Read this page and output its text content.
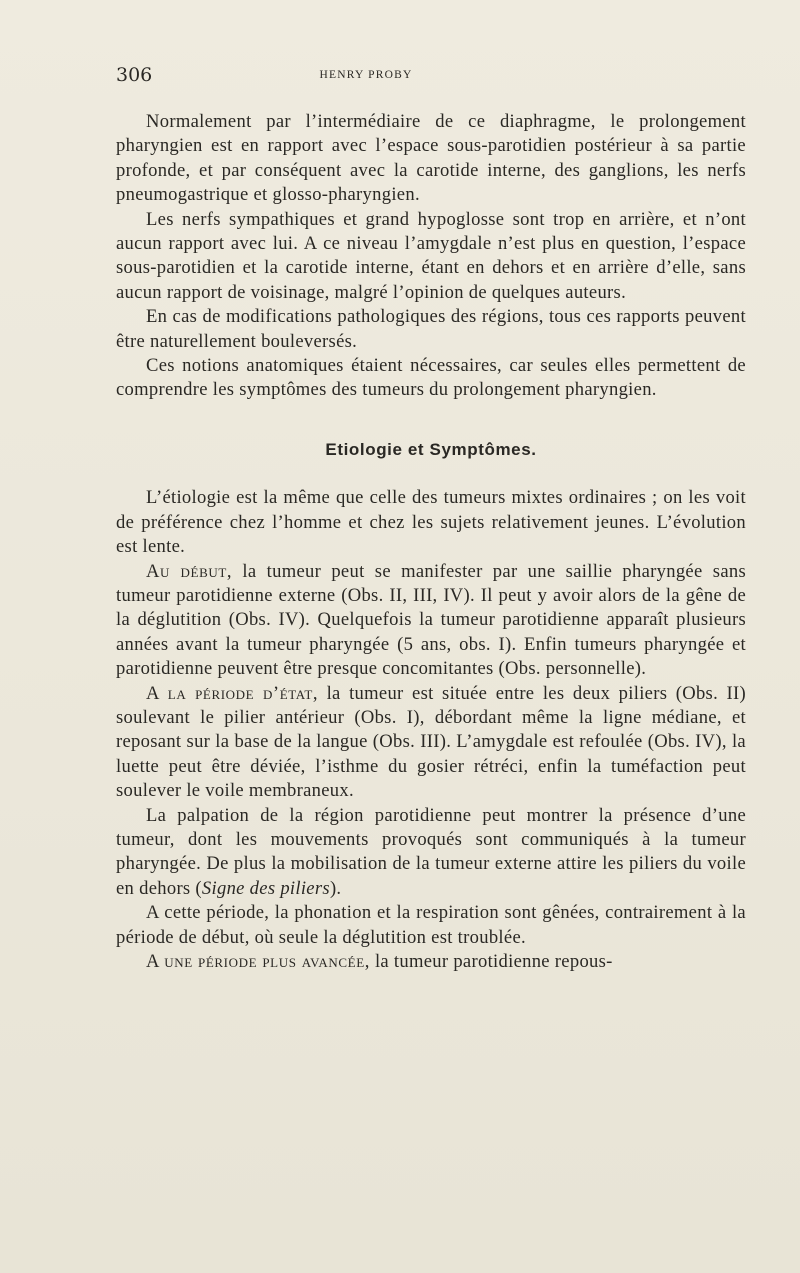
306	HENRY PROBY

Normalement par l’intermédiaire de ce diaphragme, le prolongement pharyngien est en rapport avec l’espace sous-parotidien postérieur à sa partie profonde, et par conséquent avec la carotide interne, des ganglions, les nerfs pneumogastrique et glosso-pharyngien.

Les nerfs sympathiques et grand hypoglosse sont trop en arrière, et n’ont aucun rapport avec lui. A ce niveau l’amygdale n’est plus en question, l’espace sous-parotidien et la carotide interne, étant en dehors et en arrière d’elle, sans aucun rapport de voisinage, malgré l’opinion de quelques auteurs.

En cas de modifications pathologiques des régions, tous ces rapports peuvent être naturellement bouleversés.

Ces notions anatomiques étaient nécessaires, car seules elles permettent de comprendre les symptômes des tumeurs du prolongement pharyngien.

Etiologie et Symptômes.

L’étiologie est la même que celle des tumeurs mixtes ordinaires ; on les voit de préférence chez l’homme et chez les sujets relativement jeunes. L’évolution est lente.

Au début, la tumeur peut se manifester par une saillie pharyngée sans tumeur parotidienne externe (Obs. II, III, IV). Il peut y avoir alors de la gêne de la déglutition (Obs. IV). Quelquefois la tumeur parotidienne apparaît plusieurs années avant la tumeur pharyngée (5 ans, obs. I). Enfin tumeurs pharyngée et parotidienne peuvent être presque concomitantes (Obs. personnelle).

A la période d’état, la tumeur est située entre les deux piliers (Obs. II) soulevant le pilier antérieur (Obs. I), débordant même la ligne médiane, et reposant sur la base de la langue (Obs. III). L’amygdale est refoulée (Obs. IV), la luette peut être déviée, l’isthme du gosier rétréci, enfin la tuméfaction peut soulever le voile membraneux.

La palpation de la région parotidienne peut montrer la présence d’une tumeur, dont les mouvements provoqués sont communiqués à la tumeur pharyngée. De plus la mobilisation de la tumeur externe attire les piliers du voile en dehors (Signe des piliers).

A cette période, la phonation et la respiration sont gênées, contrairement à la période de début, où seule la déglutition est troublée.

A une période plus avancée, la tumeur parotidienne repous-
